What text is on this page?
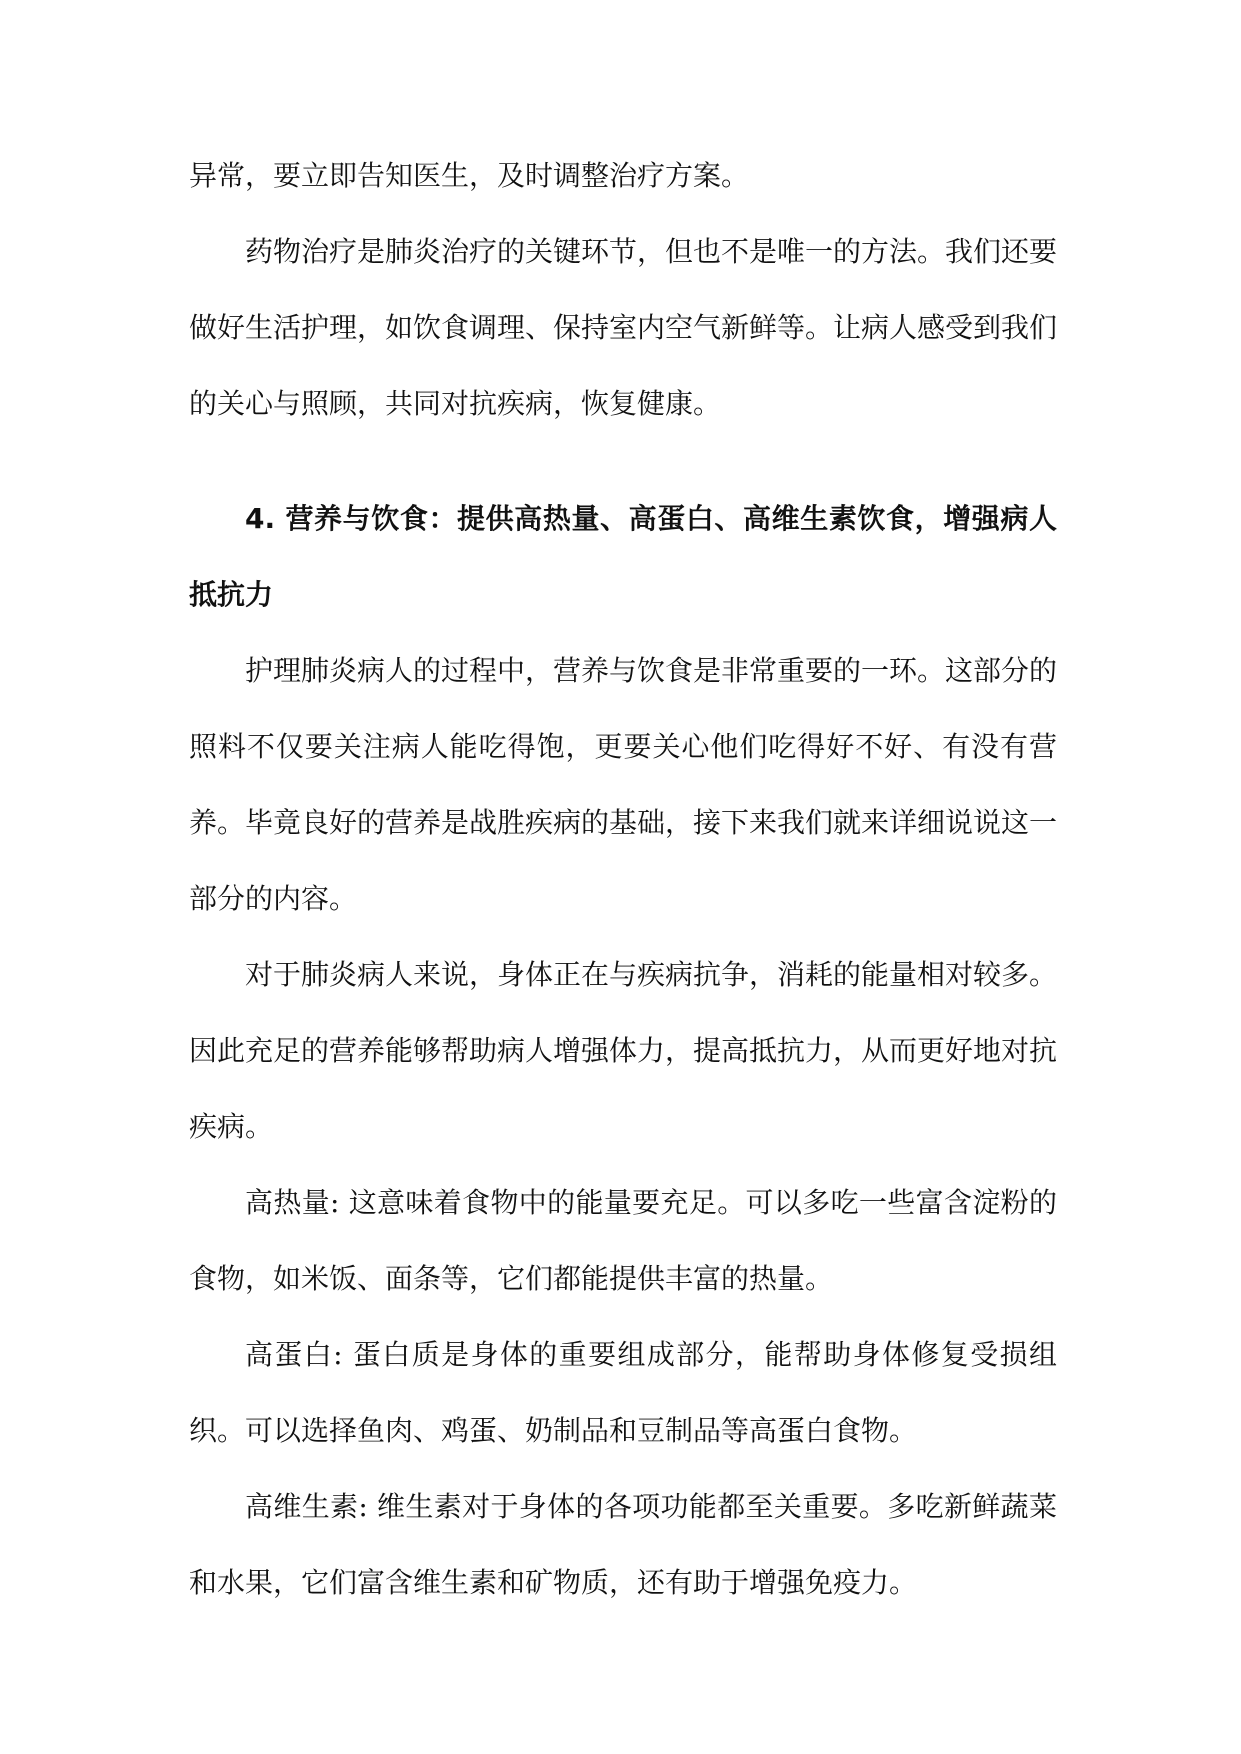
异常，要立即告知医生，及时调整治疗方案。

药物治疗是肺炎治疗的关键环节，但也不是唯一的方法。我们还要做好生活护理，如饮食调理、保持室内空气新鲜等。让病人感受到我们的关心与照顾，共同对抗疾病，恢复健康。

4. 营养与饮食：提供高热量、高蛋白、高维生素饮食，增强病人抵抗力

护理肺炎病人的过程中，营养与饮食是非常重要的一环。这部分的照料不仅要关注病人能吃得饱，更要关心他们吃得好不好、有没有营养。毕竟良好的营养是战胜疾病的基础，接下来我们就来详细说说这一部分的内容。

对于肺炎病人来说，身体正在与疾病抗争，消耗的能量相对较多。因此充足的营养能够帮助病人增强体力，提高抵抗力，从而更好地对抗疾病。

高热量: 这意味着食物中的能量要充足。可以多吃一些富含淀粉的食物，如米饭、面条等，它们都能提供丰富的热量。

高蛋白: 蛋白质是身体的重要组成部分，能帮助身体修复受损组织。可以选择鱼肉、鸡蛋、奶制品和豆制品等高蛋白食物。

高维生素: 维生素对于身体的各项功能都至关重要。多吃新鲜蔬菜和水果，它们富含维生素和矿物质，还有助于增强免疫力。
